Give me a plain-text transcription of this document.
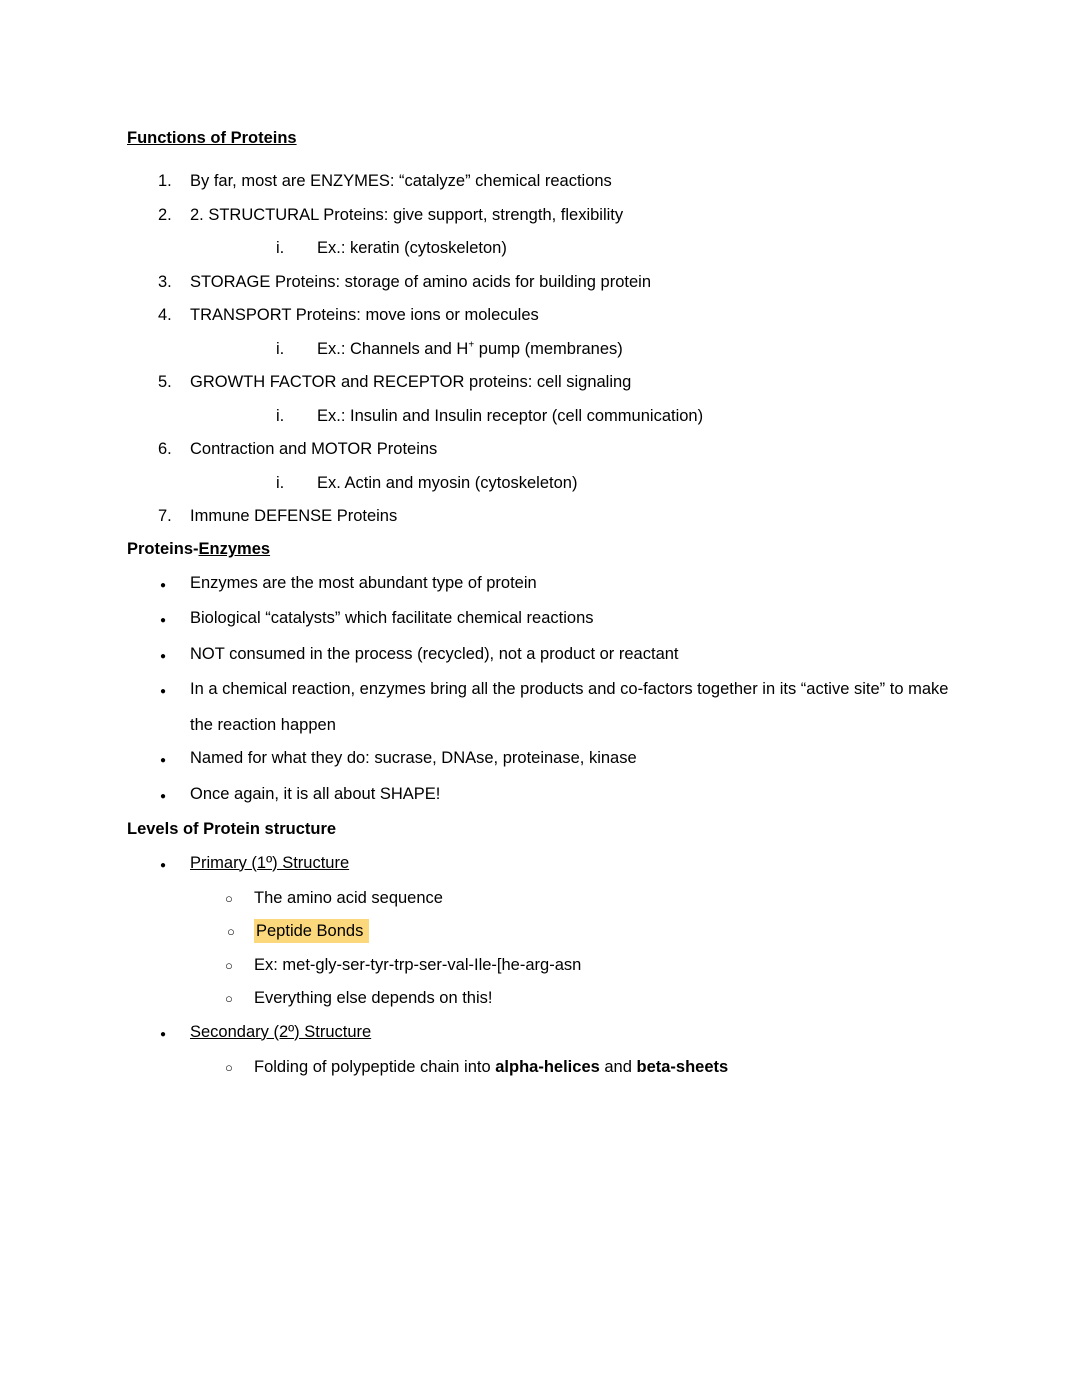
Functions of Proteins
1. By far, most are ENZYMES: “catalyze” chemical reactions
2. 2. STRUCTURAL Proteins: give support, strength, flexibility
i. Ex.: keratin (cytoskeleton)
3. STORAGE Proteins: storage of amino acids for building protein
4. TRANSPORT Proteins: move ions or molecules
i. Ex.: Channels and H+ pump (membranes)
5. GROWTH FACTOR and RECEPTOR proteins: cell signaling
i. Ex.: Insulin and Insulin receptor (cell communication)
6. Contraction and MOTOR Proteins
i. Ex. Actin and myosin (cytoskeleton)
7. Immune DEFENSE Proteins
Proteins-Enzymes
● Enzymes are the most abundant type of protein
● Biological “catalysts” which facilitate chemical reactions
● NOT consumed in the process (recycled), not a product or reactant
● In a chemical reaction, enzymes bring all the products and co-factors together in its “active site” to make the reaction happen
● Named for what they do: sucrase, DNAse, proteinase, kinase
● Once again, it is all about SHAPE!
Levels of Protein structure
● Primary (1º) Structure
○ The amino acid sequence
○ Peptide Bonds
○ Ex: met-gly-ser-tyr-trp-ser-val-Ile-[he-arg-asn
○ Everything else depends on this!
● Secondary (2º) Structure
○ Folding of polypeptide chain into alpha-helices and beta-sheets
